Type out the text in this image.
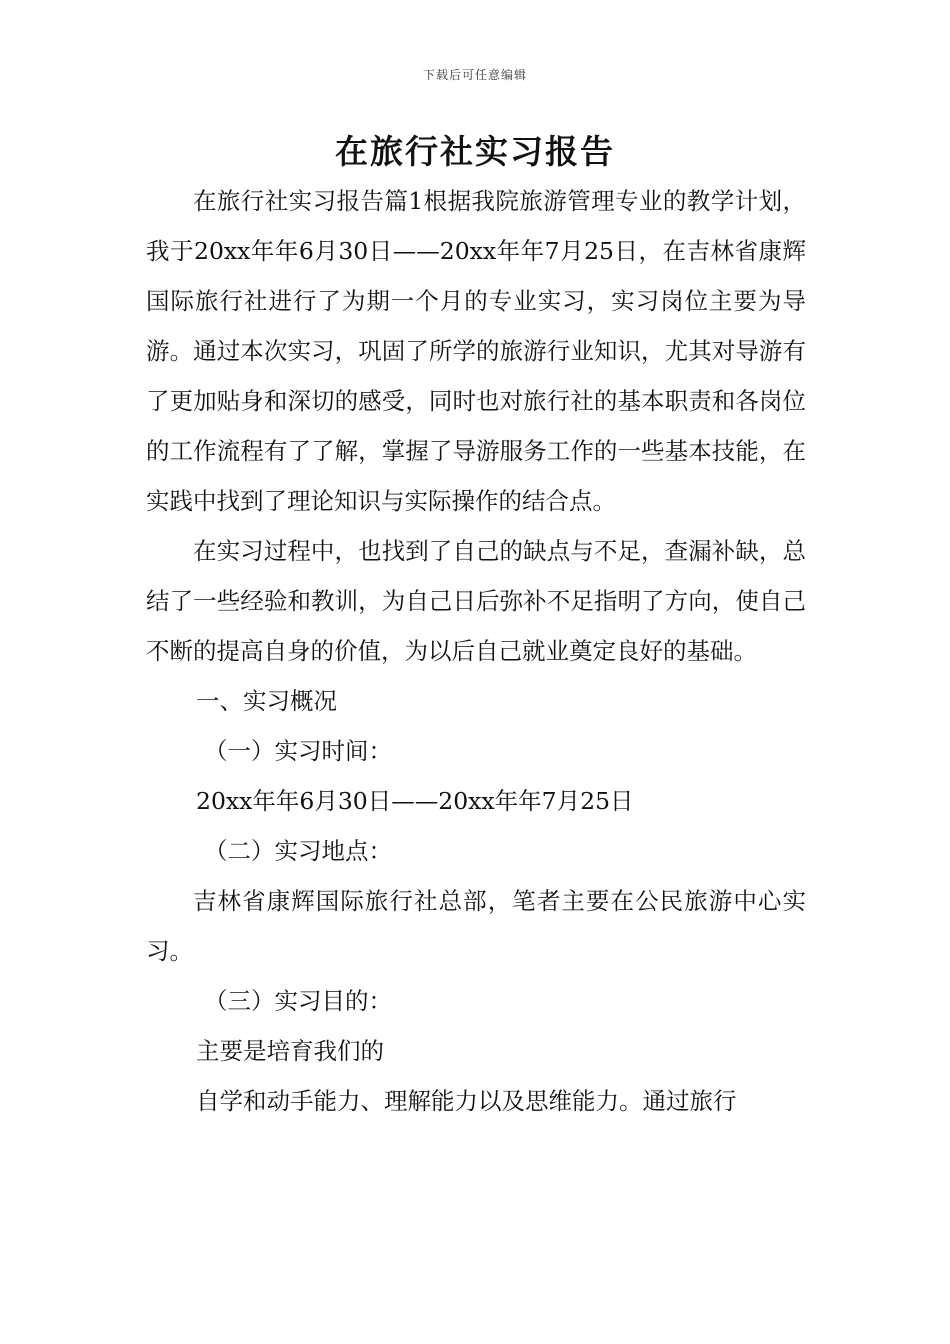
下载后可任意编辑
在旅行社实习报告

在旅行社实习报告篇1根据我院旅游管理专业的教学计划，我于20xx年年6月30日——20xx年年7月25日，在吉林省康辉国际旅行社进行了为期一个月的专业实习，实习岗位主要为导游。通过本次实习，巩固了所学的旅游行业知识，尤其对导游有了更加贴身和深切的感受，同时也对旅行社的基本职责和各岗位的工作流程有了了解，掌握了导游服务工作的一些基本技能，在实践中找到了理论知识与实际操作的结合点。

在实习过程中，也找到了自己的缺点与不足，查漏补缺，总结了一些经验和教训，为自己日后弥补不足指明了方向，使自己不断的提高自身的价值，为以后自己就业奠定良好的基础。

一、实习概况

（一）实习时间：

20xx年年6月30日——20xx年年7月25日

（二）实习地点：

吉林省康辉国际旅行社总部，笔者主要在公民旅游中心实习。

（三）实习目的：

主要是培育我们的

自学和动手能力、理解能力以及思维能力。通过旅行
